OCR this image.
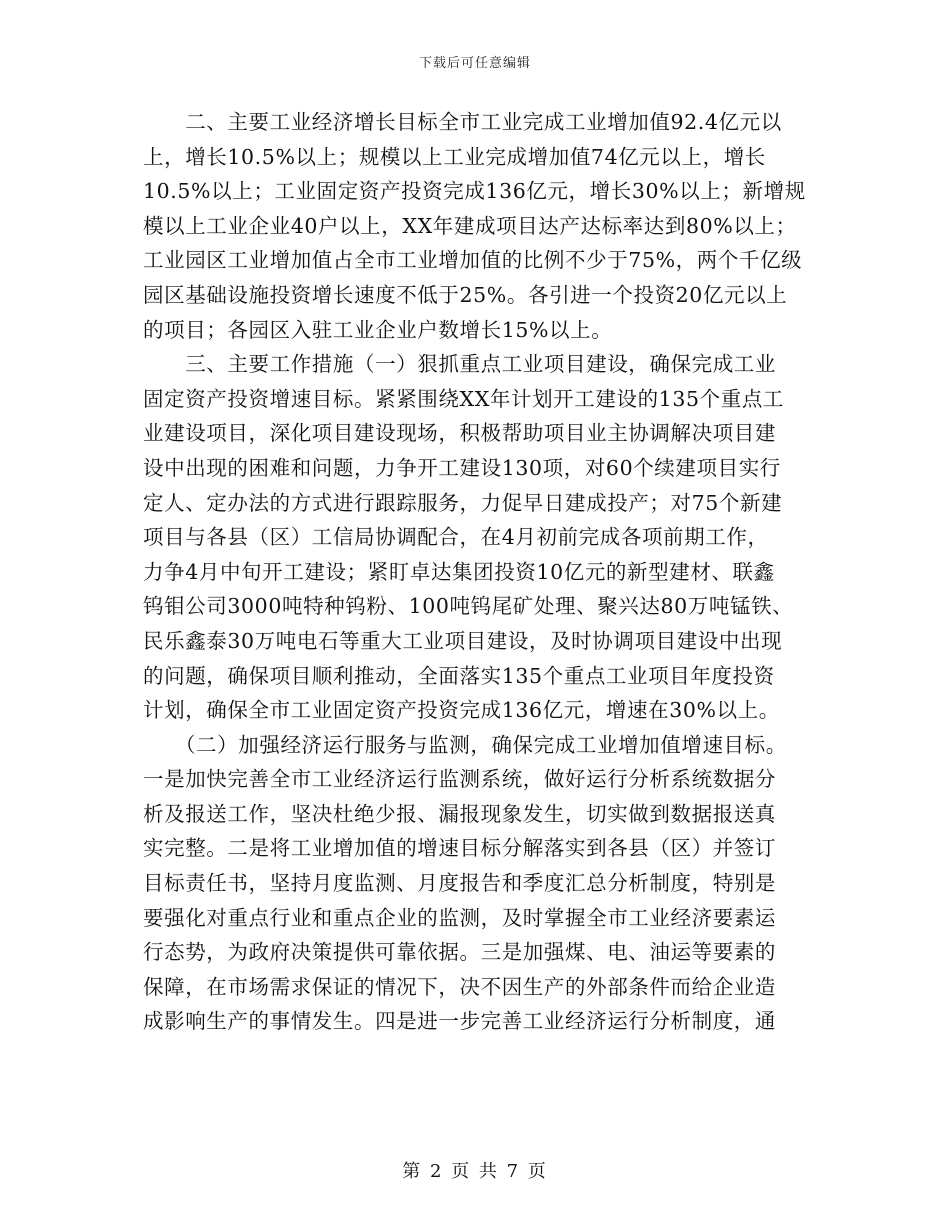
下载后可任意编辑

　　二、主要工业经济增长目标全市工业完成工业增加值92.4亿元以
上，增长10.5%以上；规模以上工业完成增加值74亿元以上，增长
10.5%以上；工业固定资产投资完成136亿元，增长30%以上；新增规
模以上工业企业40户以上，XX年建成项目达产达标率达到80%以上；
工业园区工业增加值占全市工业增加值的比例不少于75%，两个千亿级
园区基础设施投资增长速度不低于25%。各引进一个投资20亿元以上
的项目；各园区入驻工业企业户数增长15%以上。

　　三、主要工作措施（一）狠抓重点工业项目建设，确保完成工业
固定资产投资增速目标。紧紧围绕XX年计划开工建设的135个重点工
业建设项目，深化项目建设现场，积极帮助项目业主协调解决项目建
设中出现的困难和问题，力争开工建设130项，对60个续建项目实行
定人、定办法的方式进行跟踪服务，力促早日建成投产；对75个新建
项目与各县（区）工信局协调配合，在4月初前完成各项前期工作，
力争4月中旬开工建设；紧盯卓达集团投资10亿元的新型建材、联鑫
钨钼公司3000吨特种钨粉、100吨钨尾矿处理、聚兴达80万吨锰铁、
民乐鑫泰30万吨电石等重大工业项目建设，及时协调项目建设中出现
的问题，确保项目顺利推动，全面落实135个重点工业项目年度投资
计划，确保全市工业固定资产投资完成136亿元，增速在30%以上。

　　（二）加强经济运行服务与监测，确保完成工业增加值增速目标。
一是加快完善全市工业经济运行监测系统，做好运行分析系统数据分
析及报送工作，坚决杜绝少报、漏报现象发生，切实做到数据报送真
实完整。二是将工业增加值的增速目标分解落实到各县（区）并签订
目标责任书，坚持月度监测、月度报告和季度汇总分析制度，特别是
要强化对重点行业和重点企业的监测，及时掌握全市工业经济要素运
行态势，为政府决策提供可靠依据。三是加强煤、电、油运等要素的
保障，在市场需求保证的情况下，决不因生产的外部条件而给企业造
成影响生产的事情发生。四是进一步完善工业经济运行分析制度，通

第 2 页 共 7 页
